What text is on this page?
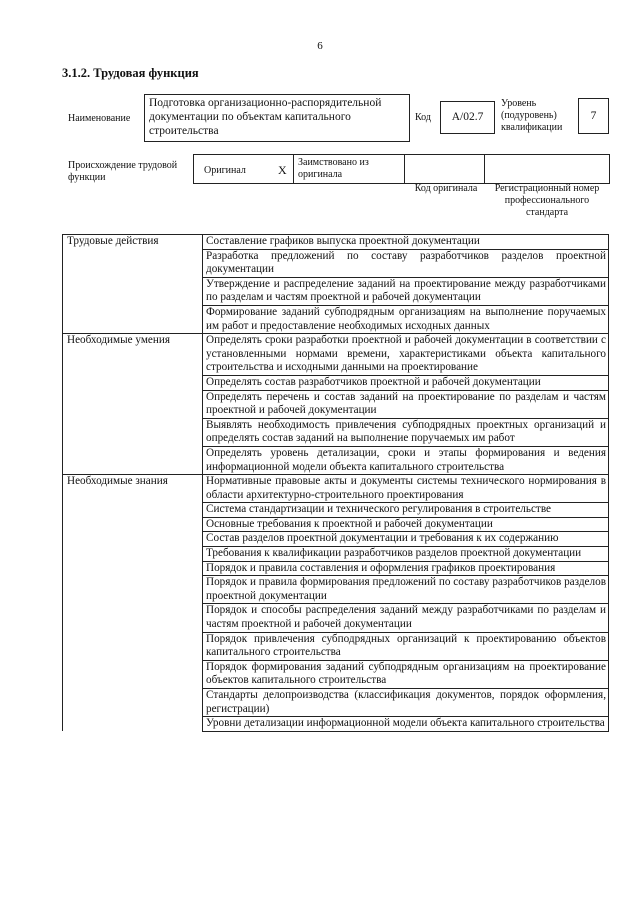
6
3.1.2. Трудовая функция
Наименование
Подготовка организационно-распорядительной документации по объектам капитального строительства
Код	А/02.7
Уровень (подуровень) квалификации
7
Происхождение трудовой функции
Оригинал	X
Заимствовано из оригинала
Код оригинала	Регистрационный номер профессионального стандарта
Трудовые действия	Составление графиков выпуска проектной документации
	Разработка предложений по составу разработчиков разделов проектной документации
	Утверждение и распределение заданий на проектирование между разработчиками по разделам и частям проектной и рабочей документации
	Формирование заданий субподрядным организациям на выполнение поручаемых им работ и предоставление необходимых исходных данных
Необходимые умения	Определять сроки разработки проектной и рабочей документации в соответствии с установленными нормами времени, характеристиками объекта капитального строительства и исходными данными на проектирование
	Определять состав разработчиков проектной и рабочей документации
	Определять перечень и состав заданий на проектирование по разделам и частям проектной и рабочей документации
	Выявлять необходимость привлечения субподрядных проектных организаций и определять состав заданий на выполнение поручаемых им работ
	Определять уровень детализации, сроки и этапы формирования и ведения информационной модели объекта капитального строительства
Необходимые знания	Нормативные правовые акты и документы системы технического нормирования в области архитектурно-строительного проектирования
	Система стандартизации и технического регулирования в строительстве
	Основные требования к проектной и рабочей документации
	Состав разделов проектной документации и требования к их содержанию
	Требования к квалификации разработчиков разделов проектной документации
	Порядок и правила составления и оформления графиков проектирования
	Порядок и правила формирования предложений по составу разработчиков разделов проектной документации
	Порядок и способы распределения заданий между разработчиками по разделам и частям проектной и рабочей документации
	Порядок привлечения субподрядных организаций к проектированию объектов капитального строительства
	Порядок формирования заданий субподрядным организациям на проектирование объектов капитального строительства
	Стандарты делопроизводства (классификация документов, порядок оформления, регистрации)
	Уровни детализации информационной модели объекта капитального строительства
